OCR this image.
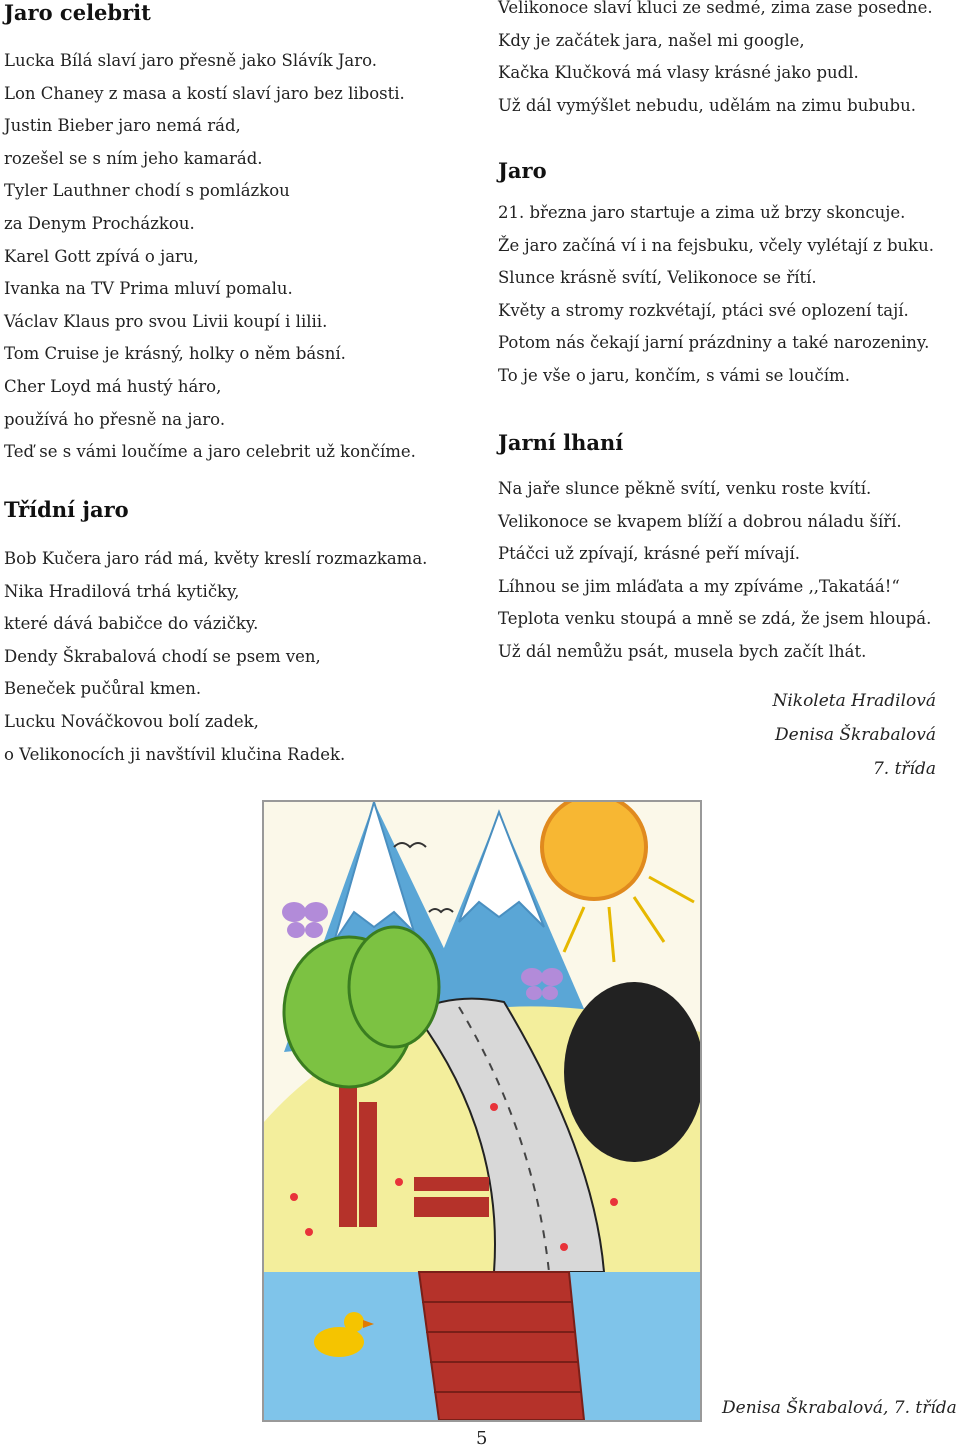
Jaro celebrit
Lucka Bílá slaví jaro přesně jako Slávík Jaro.
Lon Chaney z masa a kostí slaví jaro bez libosti.
Justin Bieber jaro nemá rád,
rozešel se s ním jeho kamarád.
Tyler Lauthner chodí s pomlázkou
za Denym Procházkou.
Karel Gott zpívá o jaru,
Ivanka na TV Prima mluví pomalu.
Václav Klaus pro svou Livii koupí i lilii.
Tom Cruise je krásný, holky o něm básní.
Cher Loyd má hustý háro,
používá ho přesně na jaro.
Teď se s vámi loučíme a jaro celebrit už končíme.
Třídní jaro
Bob Kučera jaro rád má, květy kreslí rozmazkama.
Nika Hradilová trhá kytičky,
které dává babičce do vázičky.
Dendy Škrabalová chodí se psem ven,
Beneček pučůral kmen.
Lucku Nováčkovou bolí zadek,
o Velikonocích ji navštívil klučina Radek.
Velikonoce slaví kluci ze sedmé, zima zase posedne.
Kdy je začátek jara, našel mi google,
Kačka Klučková má vlasy krásné jako pudl.
Už dál vymýšlet nebudu, udělám na zimu bububu.
Jaro
21. března jaro startuje a zima už brzy skoncuje.
Že jaro začíná ví i na fejsbuku, včely vylétají z buku.
Slunce krásně svítí, Velikonoce se řítí.
Květy a stromy rozkvétají, ptáci své oplození tají.
Potom nás čekají jarní prázdniny a také narozeniny.
To je vše o jaru, končím, s vámi se loučím.
Jarní lhaní
Na jaře slunce pěkně svítí, venku roste kvítí.
Velikonoce se kvapem blíží a dobrou náladu šíří.
Ptáčci už zpívají, krásné peří mívají.
Líhnou se jim mláďata a my zpíváme ,,Takatáá!“
Teplota venku stoupá a mně se zdá, že jsem hloupá.
Už dál nemůžu psát, musela bych začít lhát.
Nikoleta Hradilová
Denisa Škrabalová
7. třída
Denisa Škrabalová, 7. třída
5
